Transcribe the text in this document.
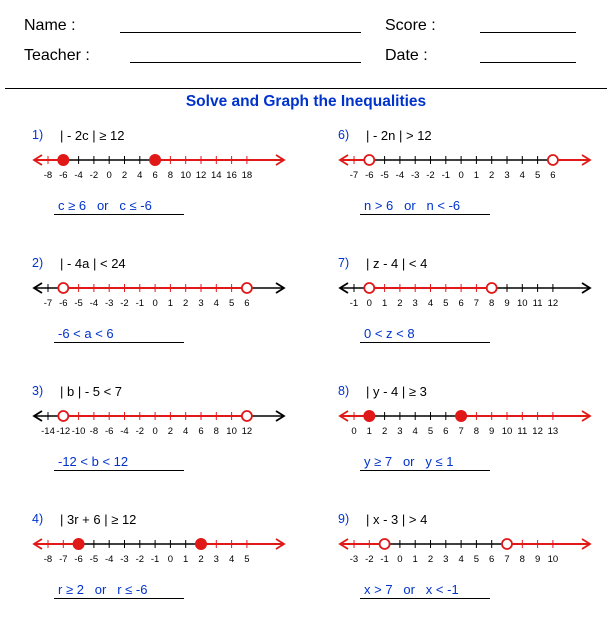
Name :
Teacher :
Score :
Date :
Solve and Graph the Inequalities
1) | - 2c | ≥ 12
-8 -6 -4 -2 0 2 4 6 8 10 12 14 16 18
c ≥ 6 or c ≤ -6
2) | - 4a | < 24
-7 -6 -5 -4 -3 -2 -1 0 1 2 3 4 5 6
-6 < a < 6
3) | b | - 5 < 7
-14 -12 -10 -8 -6 -4 -2 0 2 4 6 8 10 12
-12 < b < 12
4) | 3r + 6 | ≥ 12
-8 -7 -6 -5 -4 -3 -2 -1 0 1 2 3 4 5
r ≥ 2 or r ≤ -6
6) | - 2n | > 12
-7 -6 -5 -4 -3 -2 -1 0 1 2 3 4 5 6
n > 6 or n < -6
7) | z - 4 | < 4
-1 0 1 2 3 4 5 6 7 8 9 10 11 12
0 < z < 8
8) | y - 4 | ≥ 3
0 1 2 3 4 5 6 7 8 9 10 11 12 13
y ≥ 7 or y ≤ 1
9) | x - 3 | > 4
-3 -2 -1 0 1 2 3 4 5 6 7 8 9 10
x > 7 or x < -1
